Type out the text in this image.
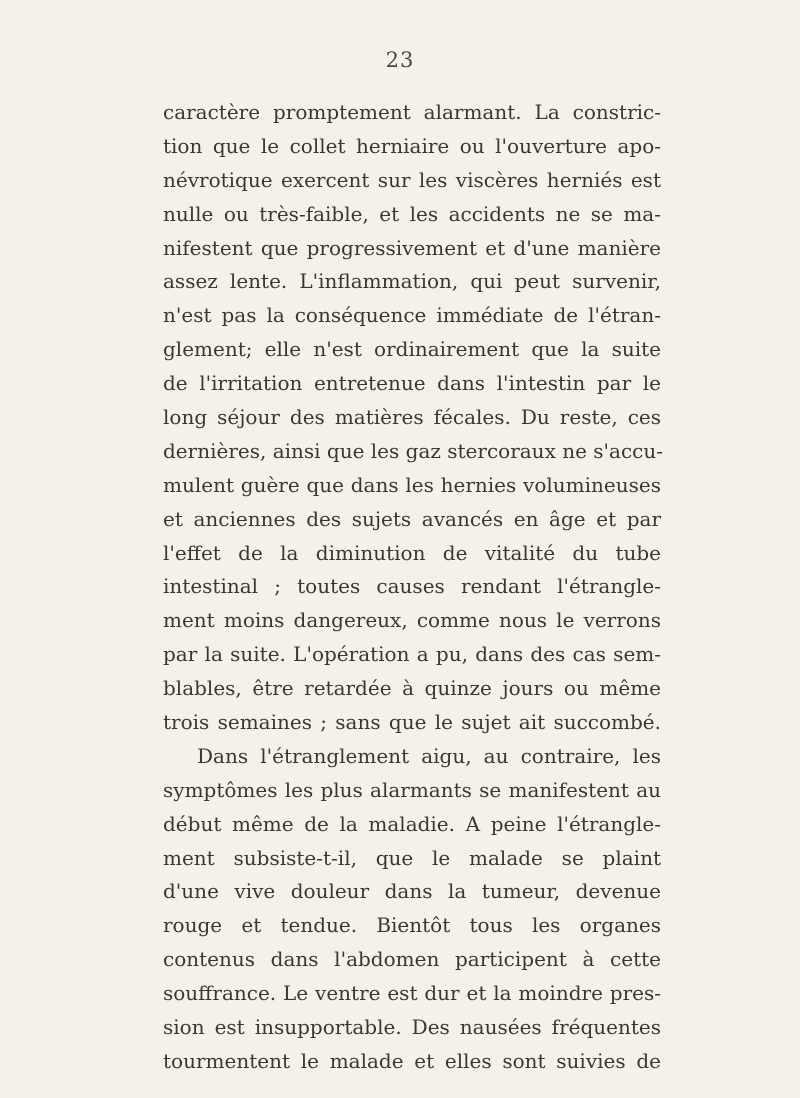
23
caractère promptement alarmant. La constric-
tion que le collet herniaire ou l'ouverture apo-
névrotique exercent sur les viscères herniés est
nulle ou très-faible, et les accidents ne se ma-
nifestent que progressivement et d'une manière
assez lente. L'inflammation, qui peut survenir,
n'est pas la conséquence immédiate de l'étran-
glement; elle n'est ordinairement que la suite
de l'irritation entretenue dans l'intestin par le
long séjour des matières fécales. Du reste, ces
dernières, ainsi que les gaz stercoraux ne s'accu-
mulent guère que dans les hernies volumineuses
et anciennes des sujets avancés en âge et par
l'effet de la diminution de vitalité du tube
intestinal ; toutes causes rendant l'étrangle-
ment moins dangereux, comme nous le verrons
par la suite. L'opération a pu, dans des cas sem-
blables, être retardée à quinze jours ou même
trois semaines ; sans que le sujet ait succombé.
Dans l'étranglement aigu, au contraire, les
symptômes les plus alarmants se manifestent au
début même de la maladie. A peine l'étrangle-
ment subsiste-t-il, que le malade se plaint
d'une vive douleur dans la tumeur, devenue
rouge et tendue. Bientôt tous les organes
contenus dans l'abdomen participent à cette
souffrance. Le ventre est dur et la moindre pres-
sion est insupportable. Des nausées fréquentes
tourmentent le malade et elles sont suivies de
